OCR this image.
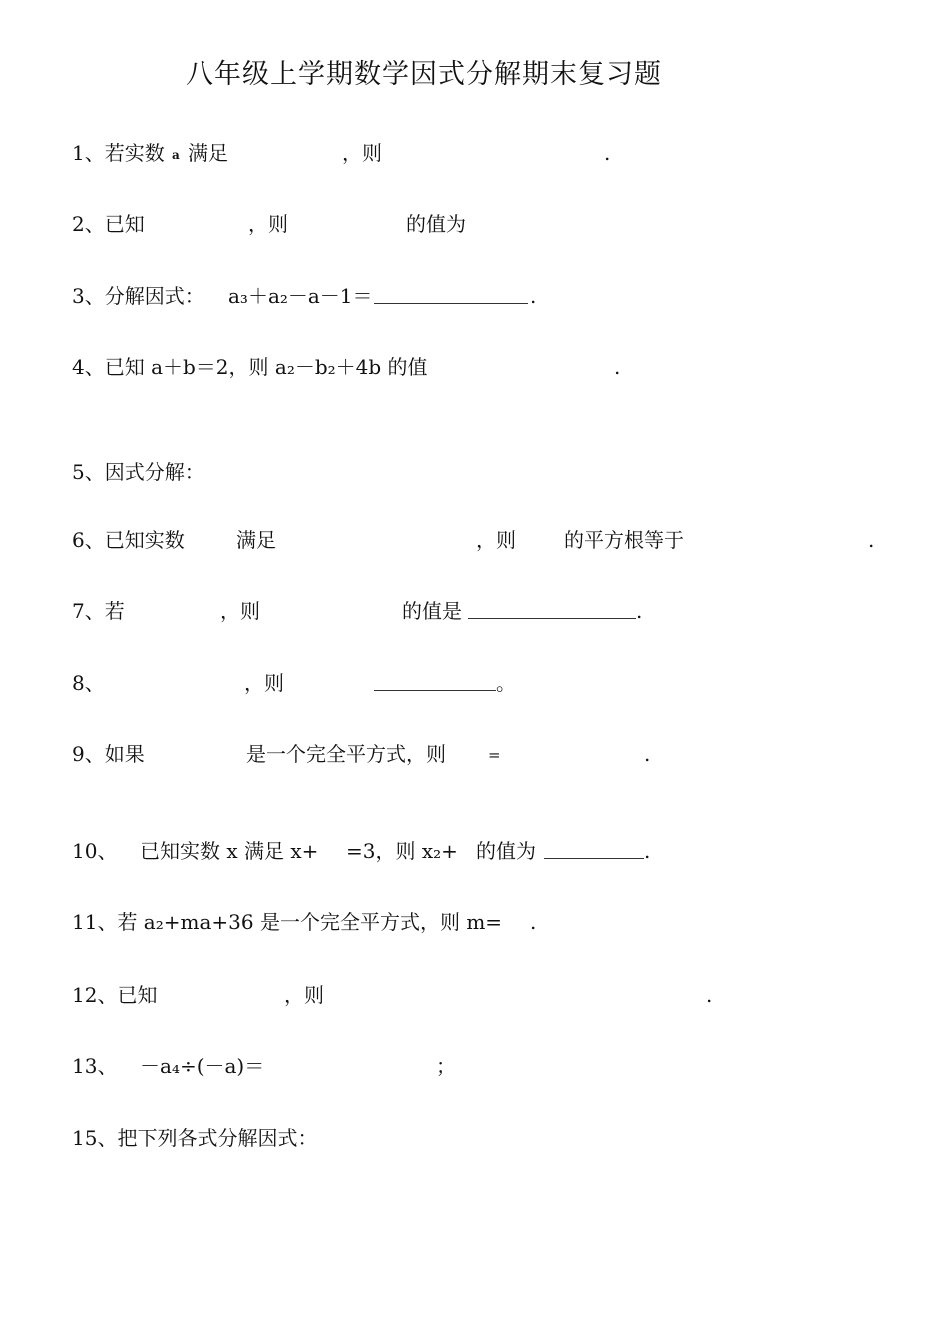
八年级上学期数学因式分解期末复习题
1、若实数 a 满足	，则	.
2、已知	，则	的值为
3、分解因式： a₃＋a₂－a－1＝	.
4、已知 a＋b＝2，则 a₂－b₂＋4b 的值	.
5、因式分解：
6、已知实数	满足	，则 的平方根等于	.
7、若	，则	的值是	.
8、	，则	。
9、如果	是一个完全平方式，则	=	.
10、 已知实数 x 满足 x+ =3，则 x₂+ 的值为	.
11、若 a₂+ma+36 是一个完全平方式，则 m= .
12、已知	，则	.
13、 －a₄÷(－a)＝	；
15、把下列各式分解因式：
